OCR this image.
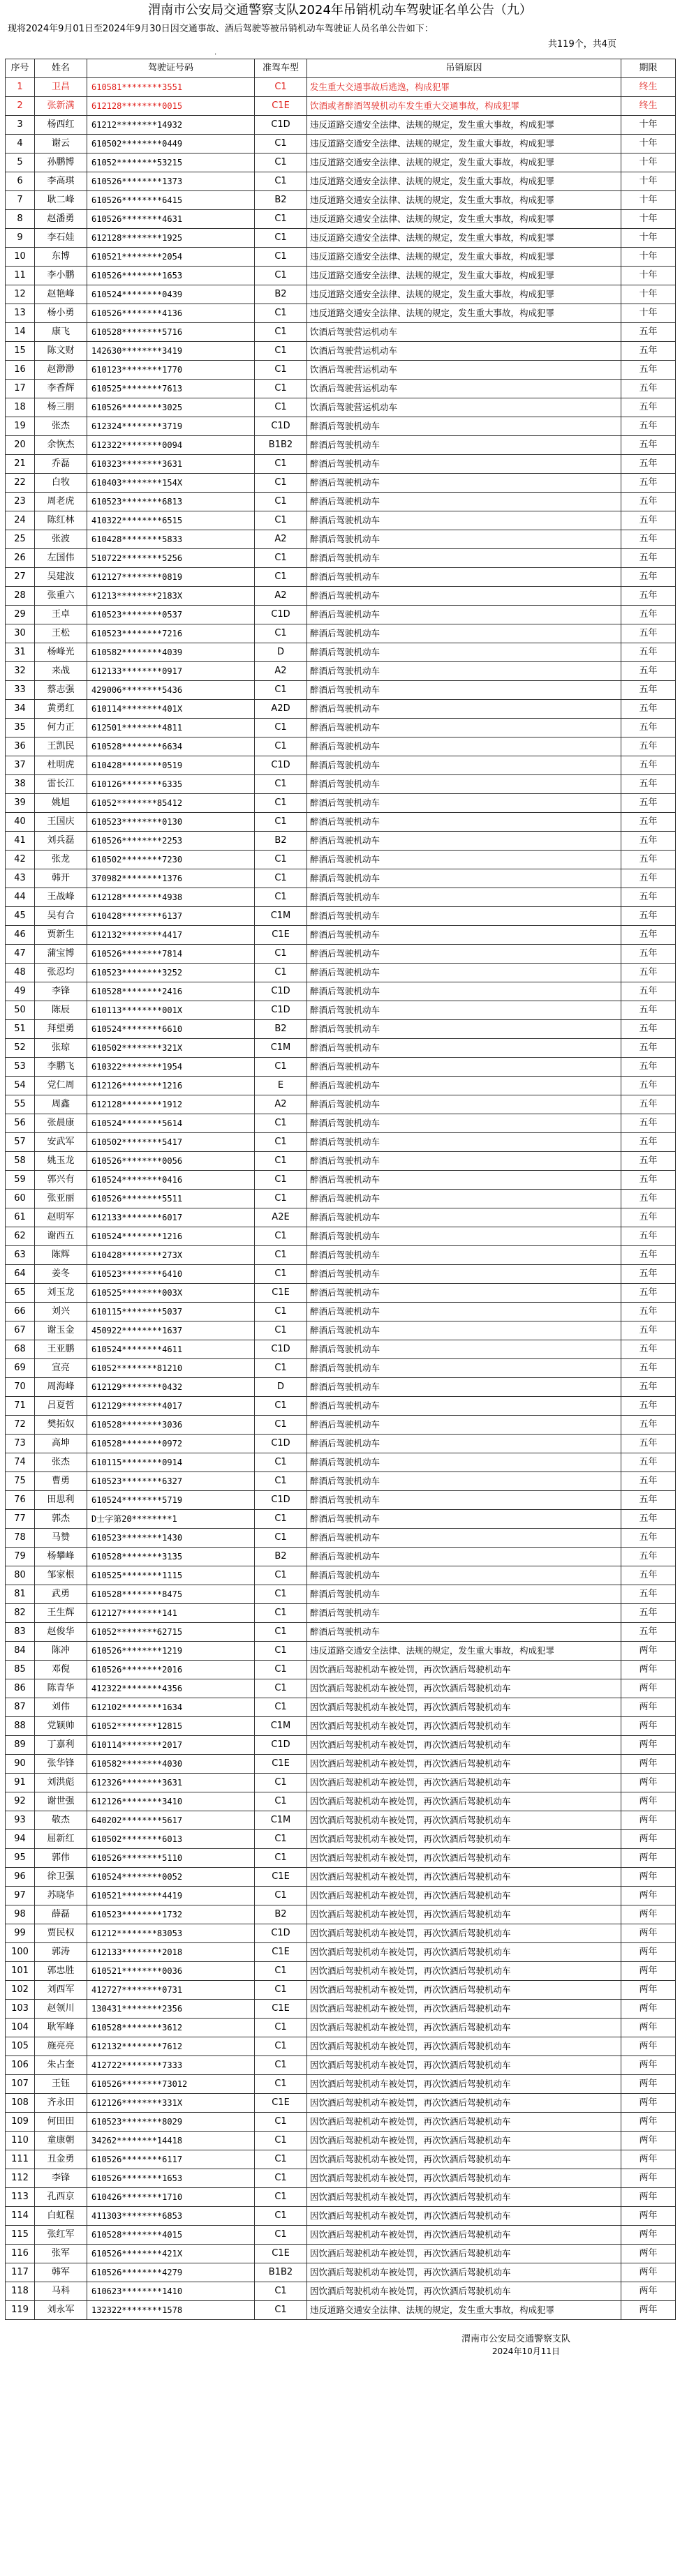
渭南市公安局交通警察支队2024年吊销机动车驾驶证名单公告（九）
现将2024年9月01日至2024年9月30日因交通事故、酒后驾驶等被吊销机动车驾驶证人员名单公告如下：
共119个，共4页
·
序号	姓名	驾驶证号码	准驾车型	吊销原因	期限
1	卫昌	610581********3551	C1	发生重大交通事故后逃逸，构成犯罪	终生
2	张新满	612128********0015	C1E	饮酒或者醉酒驾驶机动车发生重大交通事故，构成犯罪	终生
3	杨西红	61212********14932	C1D	违反道路交通安全法律、法规的规定，发生重大事故，构成犯罪	十年
4	谢云	610502********0449	C1	违反道路交通安全法律、法规的规定，发生重大事故，构成犯罪	十年
5	孙鹏博	61052********53215	C1	违反道路交通安全法律、法规的规定，发生重大事故，构成犯罪	十年
6	李高琪	610526********1373	C1	违反道路交通安全法律、法规的规定，发生重大事故，构成犯罪	十年
7	耿二峰	610526********6415	B2	违反道路交通安全法律、法规的规定，发生重大事故，构成犯罪	十年
8	赵潘勇	610526********4631	C1	违反道路交通安全法律、法规的规定，发生重大事故，构成犯罪	十年
9	李石娃	612128********1925	C1	违反道路交通安全法律、法规的规定，发生重大事故，构成犯罪	十年
10	东博	610521********2054	C1	违反道路交通安全法律、法规的规定，发生重大事故，构成犯罪	十年
11	李小鹏	610526********1653	C1	违反道路交通安全法律、法规的规定，发生重大事故，构成犯罪	十年
12	赵艳峰	610524********0439	B2	违反道路交通安全法律、法规的规定，发生重大事故，构成犯罪	十年
13	杨小勇	610526********4136	C1	违反道路交通安全法律、法规的规定，发生重大事故，构成犯罪	十年
14	康飞	610528********5716	C1	饮酒后驾驶营运机动车	五年
15	陈文财	142630********3419	C1	饮酒后驾驶营运机动车	五年
16	赵渺渺	610123********1770	C1	饮酒后驾驶营运机动车	五年
17	李香辉	610525********7613	C1	饮酒后驾驶营运机动车	五年
18	杨三朋	610526********3025	C1	饮酒后驾驶营运机动车	五年
19	张杰	612324********3719	C1D	醉酒后驾驶机动车	五年
20	余恢杰	612322********0094	B1B2	醉酒后驾驶机动车	五年
21	乔磊	610323********3631	C1	醉酒后驾驶机动车	五年
22	白牧	610403********154X	C1	醉酒后驾驶机动车	五年
23	周老虎	610523********6813	C1	醉酒后驾驶机动车	五年
24	陈红林	410322********6515	C1	醉酒后驾驶机动车	五年
25	张波	610428********5833	A2	醉酒后驾驶机动车	五年
26	左国伟	510722********5256	C1	醉酒后驾驶机动车	五年
27	吴建波	612127********0819	C1	醉酒后驾驶机动车	五年
28	张重六	61213********2183X	A2	醉酒后驾驶机动车	五年
29	王卓	610523********0537	C1D	醉酒后驾驶机动车	五年
30	王松	610523********7216	C1	醉酒后驾驶机动车	五年
31	杨峰光	610582********4039	D	醉酒后驾驶机动车	五年
32	来战	612133********0917	A2	醉酒后驾驶机动车	五年
33	蔡志强	429006********5436	C1	醉酒后驾驶机动车	五年
34	黄勇红	610114********401X	A2D	醉酒后驾驶机动车	五年
35	何力正	612501********4811	C1	醉酒后驾驶机动车	五年
36	王凯民	610528********6634	C1	醉酒后驾驶机动车	五年
37	杜明虎	610428********0519	C1D	醉酒后驾驶机动车	五年
38	雷长江	610126********6335	C1	醉酒后驾驶机动车	五年
39	姚旭	61052********85412	C1	醉酒后驾驶机动车	五年
40	王国庆	610523********0130	C1	醉酒后驾驶机动车	五年
41	刘兵磊	610526********2253	B2	醉酒后驾驶机动车	五年
42	张龙	610502********7230	C1	醉酒后驾驶机动车	五年
43	韩开	370982********1376	C1	醉酒后驾驶机动车	五年
44	王战峰	612128********4938	C1	醉酒后驾驶机动车	五年
45	吴有合	610428********6137	C1M	醉酒后驾驶机动车	五年
46	贾新生	612132********4417	C1E	醉酒后驾驶机动车	五年
47	蒲宝博	610526********7814	C1	醉酒后驾驶机动车	五年
48	张忍均	610523********3252	C1	醉酒后驾驶机动车	五年
49	李锋	610528********2416	C1D	醉酒后驾驶机动车	五年
50	陈辰	610113********001X	C1D	醉酒后驾驶机动车	五年
51	拜望勇	610524********6610	B2	醉酒后驾驶机动车	五年
52	张琼	610502********321X	C1M	醉酒后驾驶机动车	五年
53	李鹏飞	610322********1954	C1	醉酒后驾驶机动车	五年
54	党仁周	612126********1216	E	醉酒后驾驶机动车	五年
55	周鑫	612128********1912	A2	醉酒后驾驶机动车	五年
56	张晨康	610524********5614	C1	醉酒后驾驶机动车	五年
57	安武军	610502********5417	C1	醉酒后驾驶机动车	五年
58	姚玉龙	610526********0056	C1	醉酒后驾驶机动车	五年
59	郭兴有	610524********0416	C1	醉酒后驾驶机动车	五年
60	张亚丽	610526********5511	C1	醉酒后驾驶机动车	五年
61	赵明军	612133********6017	A2E	醉酒后驾驶机动车	五年
62	谢西五	610524********1216	C1	醉酒后驾驶机动车	五年
63	陈辉	610428********273X	C1	醉酒后驾驶机动车	五年
64	姜冬	610523********6410	C1	醉酒后驾驶机动车	五年
65	刘玉龙	610525********003X	C1E	醉酒后驾驶机动车	五年
66	刘兴	610115********5037	C1	醉酒后驾驶机动车	五年
67	谢玉金	450922********1637	C1	醉酒后驾驶机动车	五年
68	王亚鹏	610524********4611	C1D	醉酒后驾驶机动车	五年
69	宣亮	61052********81210	C1	醉酒后驾驶机动车	五年
70	周海峰	612129********0432	D	醉酒后驾驶机动车	五年
71	吕夏哲	612129********4017	C1	醉酒后驾驶机动车	五年
72	樊拓奴	610528********3036	C1	醉酒后驾驶机动车	五年
73	高坤	610528********0972	C1D	醉酒后驾驶机动车	五年
74	张杰	610115********0914	C1	醉酒后驾驶机动车	五年
75	曹勇	610523********6327	C1	醉酒后驾驶机动车	五年
76	田思利	610524********5719	C1D	醉酒后驾驶机动车	五年
77	郭杰	D士字第20********1	C1	醉酒后驾驶机动车	五年
78	马赞	610523********1430	C1	醉酒后驾驶机动车	五年
79	杨攀峰	610528********3135	B2	醉酒后驾驶机动车	五年
80	邹家根	610525********1115	C1	醉酒后驾驶机动车	五年
81	武勇	610528********8475	C1	醉酒后驾驶机动车	五年
82	王生辉	612127********141	C1	醉酒后驾驶机动车	五年
83	赵俊华	61052********62715	C1	醉酒后驾驶机动车	五年
84	陈冲	610526********1219	C1	违反道路交通安全法律、法规的规定，发生重大事故，构成犯罪	两年
85	邓倪	610526********2016	C1	因饮酒后驾驶机动车被处罚，再次饮酒后驾驶机动车	两年
86	陈青华	412322********4356	C1	因饮酒后驾驶机动车被处罚，再次饮酒后驾驶机动车	两年
87	刘伟	612102********1634	C1	因饮酒后驾驶机动车被处罚，再次饮酒后驾驶机动车	两年
88	党颖帅	61052********12815	C1M	因饮酒后驾驶机动车被处罚，再次饮酒后驾驶机动车	两年
89	丁嘉利	610114********2017	C1D	因饮酒后驾驶机动车被处罚，再次饮酒后驾驶机动车	两年
90	张华锋	610582********4030	C1E	因饮酒后驾驶机动车被处罚，再次饮酒后驾驶机动车	两年
91	刘洪彪	612326********3631	C1	因饮酒后驾驶机动车被处罚，再次饮酒后驾驶机动车	两年
92	谢世强	612126********3410	C1	因饮酒后驾驶机动车被处罚，再次饮酒后驾驶机动车	两年
93	敬杰	640202********5617	C1M	因饮酒后驾驶机动车被处罚，再次饮酒后驾驶机动车	两年
94	屈新红	610502********6013	C1	因饮酒后驾驶机动车被处罚，再次饮酒后驾驶机动车	两年
95	郭伟	610526********5110	C1	因饮酒后驾驶机动车被处罚，再次饮酒后驾驶机动车	两年
96	徐卫强	610524********0052	C1E	因饮酒后驾驶机动车被处罚，再次饮酒后驾驶机动车	两年
97	苏晓华	610521********4419	C1	因饮酒后驾驶机动车被处罚，再次饮酒后驾驶机动车	两年
98	薛磊	610523********1732	B2	因饮酒后驾驶机动车被处罚，再次饮酒后驾驶机动车	两年
99	贾民权	61212********83053	C1D	因饮酒后驾驶机动车被处罚，再次饮酒后驾驶机动车	两年
100	郭涛	612133********2018	C1E	因饮酒后驾驶机动车被处罚，再次饮酒后驾驶机动车	两年
101	郭忠胜	610521********0036	C1	因饮酒后驾驶机动车被处罚，再次饮酒后驾驶机动车	两年
102	刘西军	412727********0731	C1	因饮酒后驾驶机动车被处罚，再次饮酒后驾驶机动车	两年
103	赵领川	130431********2356	C1E	因饮酒后驾驶机动车被处罚，再次饮酒后驾驶机动车	两年
104	耿军峰	610528********3612	C1	因饮酒后驾驶机动车被处罚，再次饮酒后驾驶机动车	两年
105	施亮亮	612132********7612	C1	因饮酒后驾驶机动车被处罚，再次饮酒后驾驶机动车	两年
106	朱占奎	412722********7333	C1	因饮酒后驾驶机动车被处罚，再次饮酒后驾驶机动车	两年
107	王钰	610526********73012	C1	因饮酒后驾驶机动车被处罚，再次饮酒后驾驶机动车	两年
108	齐永田	612126********331X	C1E	因饮酒后驾驶机动车被处罚，再次饮酒后驾驶机动车	两年
109	何田田	610523********8029	C1	因饮酒后驾驶机动车被处罚，再次饮酒后驾驶机动车	两年
110	童康朝	34262********14418	C1	因饮酒后驾驶机动车被处罚，再次饮酒后驾驶机动车	两年
111	丑金勇	610526********6117	C1	因饮酒后驾驶机动车被处罚，再次饮酒后驾驶机动车	两年
112	李锋	610526********1653	C1	因饮酒后驾驶机动车被处罚，再次饮酒后驾驶机动车	两年
113	孔西京	610426********1710	C1	因饮酒后驾驶机动车被处罚，再次饮酒后驾驶机动车	两年
114	白虹程	411303********6853	C1	因饮酒后驾驶机动车被处罚，再次饮酒后驾驶机动车	两年
115	张红军	610528********4015	C1	因饮酒后驾驶机动车被处罚，再次饮酒后驾驶机动车	两年
116	张军	610526********421X	C1E	因饮酒后驾驶机动车被处罚，再次饮酒后驾驶机动车	两年
117	韩军	610526********4279	B1B2	因饮酒后驾驶机动车被处罚，再次饮酒后驾驶机动车	两年
118	马科	610623********1410	C1	因饮酒后驾驶机动车被处罚，再次饮酒后驾驶机动车	两年
119	刘永军	132322********1578	C1	违反道路交通安全法律、法规的规定，发生重大事故，构成犯罪	两年
渭南市公安局交通警察支队
2024年10月11日
